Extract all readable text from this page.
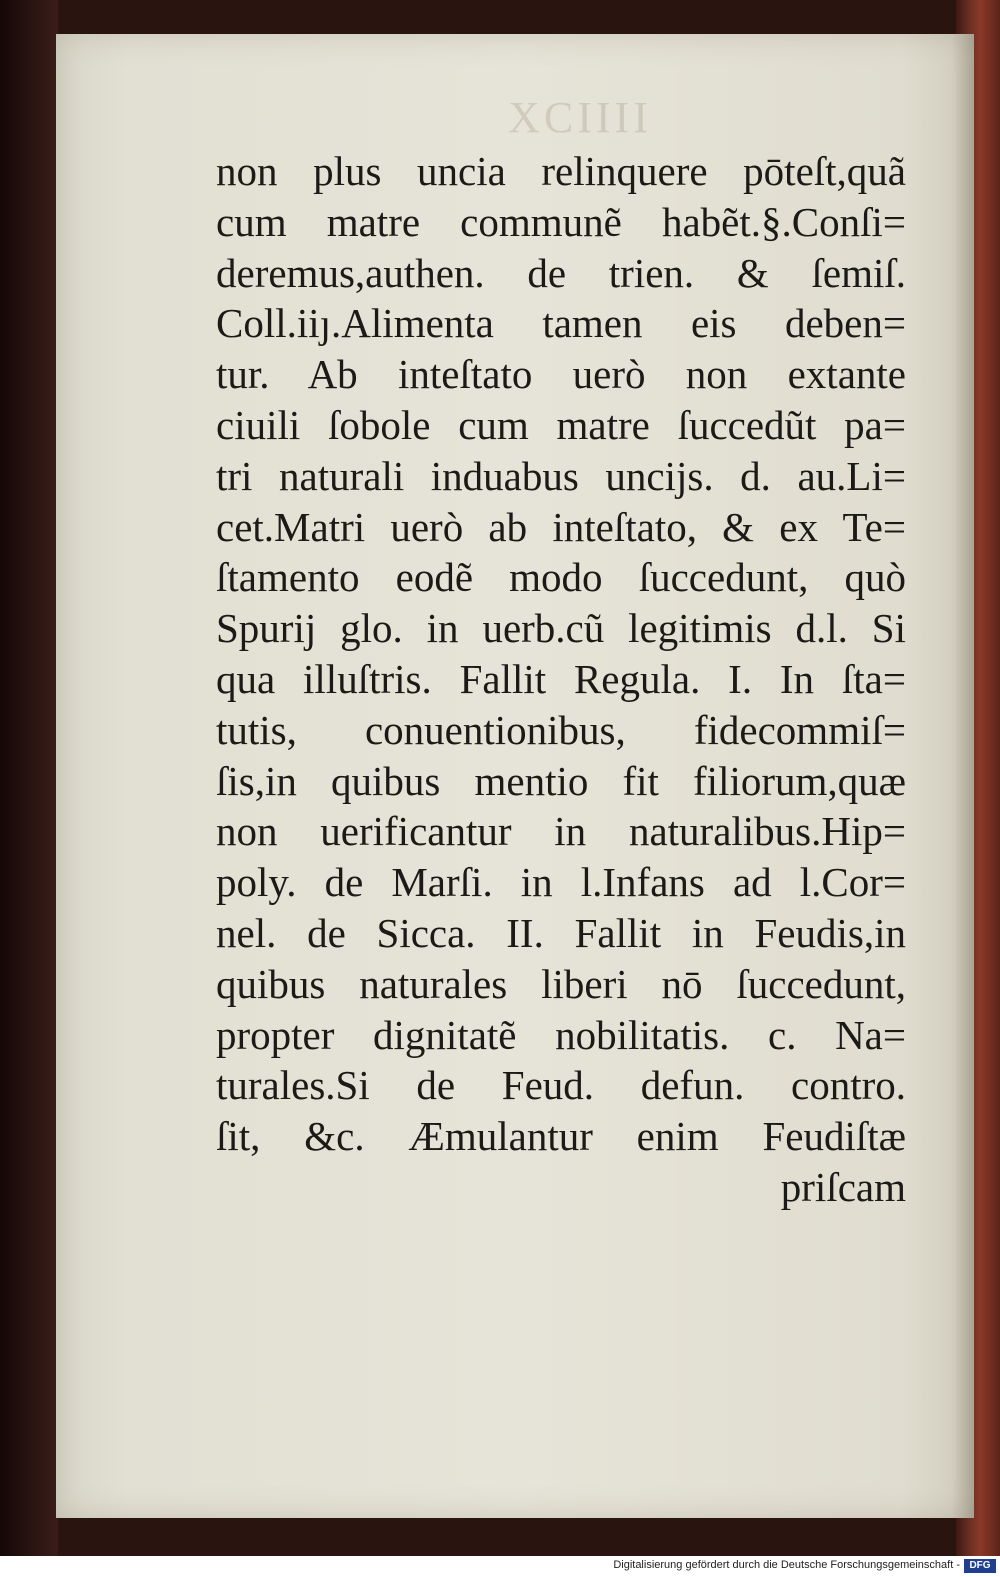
XCIIII
non plus uncia relinquere pōteſt,quã
cum matre communẽ habẽt.§.Conſi=
deremus,authen. de trien. & ſemiſ.
Coll.iiȷ.Alimenta tamen eis deben=
tur. Ab inteſtato uerò non extante
ciuili ſobole cum matre ſuccedũt pa=
tri naturali induabus uncijs. d. au.Li=
cet.Matri uerò ab inteſtato, & ex Te=
ſtamento eodẽ modo ſuccedunt, quò
Spurij glo. in uerb.cũ legitimis d.l. Si
qua illuſtris. Fallit Regula. I. In ſta=
tutis, conuentionibus, fidecommiſ=
ſis,in quibus mentio fit filiorum,quæ
non uerificantur in naturalibus.Hip=
poly. de Marſi. in l.Infans ad l.Cor=
nel. de Sicca. II. Fallit in Feudis,in
quibus naturales liberi nō ſuccedunt,
propter dignitatẽ nobilitatis. c. Na=
turales.Si de Feud. defun. contro.
ſit, &c. Æmulantur enim Feudiſtæ
priſcam
Digitalisierung gefördert durch die Deutsche Forschungsgemeinschaft - DFG
